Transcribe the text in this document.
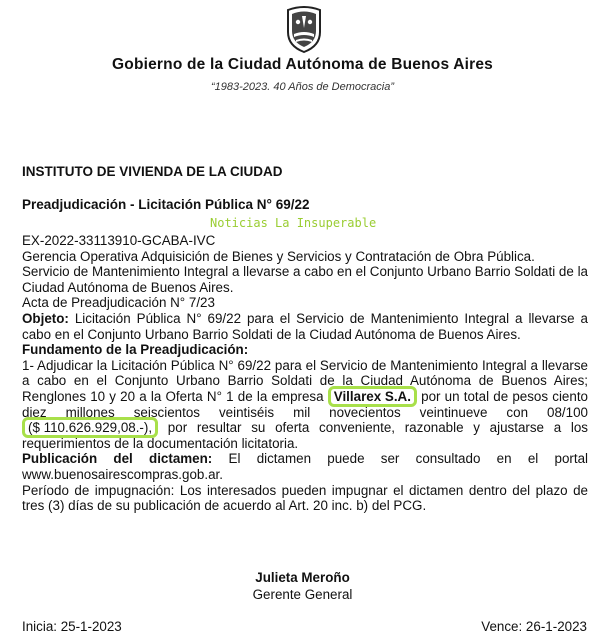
Gobierno de la Ciudad Autónoma de Buenos Aires
“1983-2023. 40 Años de Democracia”
INSTITUTO DE VIVIENDA DE LA CIUDAD
Preadjudicación - Licitación Pública N° 69/22
Noticias La Insuperable

EX-2022-33113910-GCABA-IVC

Gerencia Operativa Adquisición de Bienes y Servicios y Contratación de Obra Pública.

Servicio de Mantenimiento Integral a llevarse a cabo en el Conjunto Urbano Barrio Soldati de la Ciudad Autónoma de Buenos Aires.

Acta de Preadjudicación N° 7/23

Objeto: Licitación Pública N° 69/22 para el Servicio de Mantenimiento Integral a llevarse a cabo en el Conjunto Urbano Barrio Soldati de la Ciudad Autónoma de Buenos Aires.

Fundamento de la Preadjudicación:

1- Adjudicar la Licitación Pública N° 69/22 para el Servicio de Mantenimiento Integral a llevarse a cabo en el Conjunto Urbano Barrio Soldati de la Ciudad Autónoma de Buenos Aires; Renglones 10 y 20 a la Oferta N° 1 de la empresa Villarex S.A. por un total de pesos ciento diez millones seiscientos veintiséis mil novecientos veintinueve con 08/100 ($ 110.626.929,08.-), por resultar su oferta conveniente, razonable y ajustarse a los requerimientos de la documentación licitatoria.

Publicación del dictamen: El dictamen puede ser consultado en el portal www.buenosairescompras.gob.ar.

Período de impugnación: Los interesados pueden impugnar el dictamen dentro del plazo de tres (3) días de su publicación de acuerdo al Art. 20 inc. b) del PCG.

Julieta Meroño
Gerente General
Inicia: 25-1-2023	Vence: 26-1-2023
